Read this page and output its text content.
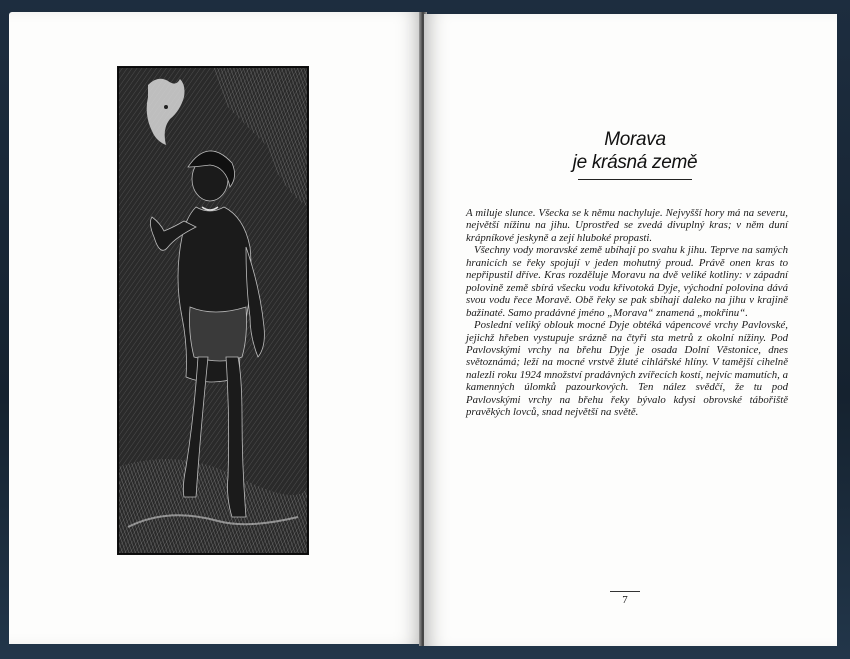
Morava
je krásná země

A miluje slunce. Všecka se k němu nachyluje. Nejvyšší hory má na severu, největší nížinu na jihu. Uprostřed se zvedá divuplný kras; v něm duní krápníkové jeskyně a zejí hluboké propasti.

Všechny vody moravské země ubíhají po svahu k jihu. Teprve na samých hranicích se řeky spojují v jeden mohutný proud. Právě onen kras to nepřipustil dříve. Kras rozděluje Moravu na dvě veliké kotliny: v západní polovině země sbírá všecku vodu křivotoká Dyje, východní polovina dává svou vodu řece Moravě. Obě řeky se pak sbíhají daleko na jihu v krajině bažinaté. Samo pradávné jméno „Morava“ znamená „mokřinu“.

Poslední veliký oblouk mocné Dyje obtéká vápencové vrchy Pavlovské, jejichž hřeben vystupuje srázně na čtyři sta metrů z okolní nížiny. Pod Pavlovskými vrchy na břehu Dyje je osada Dolní Věstonice, dnes světoznámá; leží na mocné vrstvě žluté cihlářské hlíny. V tamější cihelně nalezli roku 1924 množství pradávných zvířecích kostí, nejvíc mamutích, a kamenných úlomků pazourkových. Ten nález svědčí, že tu pod Pavlovskými vrchy na břehu řeky bývalo kdysi obrovské tábořiště pravěkých lovců, snad největší na světě.

7
